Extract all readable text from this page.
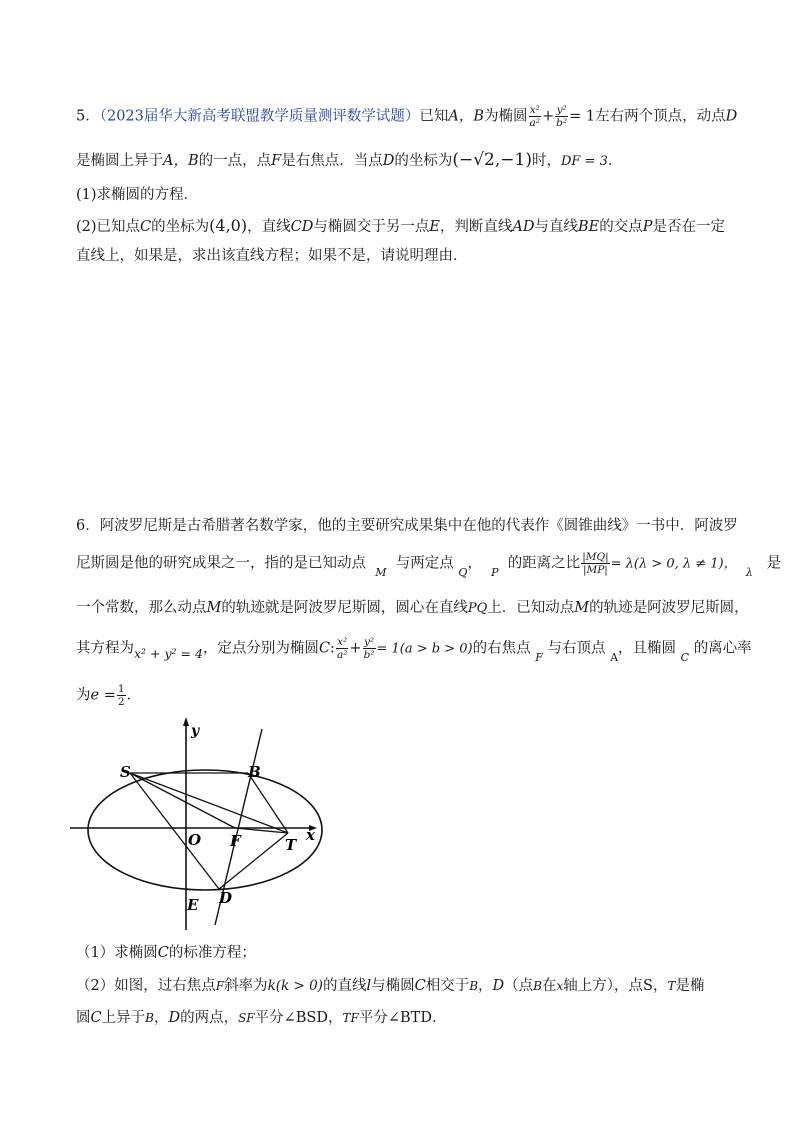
5．（2023届华大新高考联盟教学质量测评数学试题）已知A，B为椭圆 $\frac{\text{x²}}{\text{a²}} + \frac{\text{y²}}{\text{b²}} = 1$左右两个顶点，动点D
是椭圆上异于A，B的一点，点F是右焦点．当点D的坐标为(−√2,−1)时，DF = 3．
(1)求椭圆的方程．
(2)已知点C的坐标为(4,0)，直线CD与椭圆交于另一点E，判断直线AD与直线BE的交点P是否在一定
直线上，如果是，求出该直线方程；如果不是，请说明理由．
6．阿波罗尼斯是古希腊著名数学家，他的主要研究成果集中在他的代表作《圆锥曲线》一书中．阿波罗
尼斯圆是他的研究成果之一，指的是已知动点  $_M$  与两定点 $_Q$，  $_P$  的距离之比 $\frac{|MQ|}{|MP|} = \lambda(\lambda > 0$, λ ≠ 1)，  $_\lambda$   是
一个常数，那么动点M的轨迹就是阿波罗尼斯圆，圆心在直线PQ上．已知动点M的轨迹是阿波罗尼斯圆，
其方程为x² + y² = 4，定点分别为椭圆C: $\frac{\text{x²}}{\text{a²}} + \frac{\text{y²}}{\text{b²}} = 1(a > b > 0)$的右焦点 $_F$ 与右顶点 $_A$，且椭圆 $_C$ 的离心率
为$e = \frac{1}{2}$ ．
y
x
S	B
O F	T
D
E
（1）求椭圆C的标准方程；
（2）如图，过右焦点F斜率为k(k > 0)的直线l与椭圆C相交于B，D（点B在x轴上方），点S，T是椭
圆C上异于B，D的两点，SF平分∠BSD，TF平分∠BTD．
